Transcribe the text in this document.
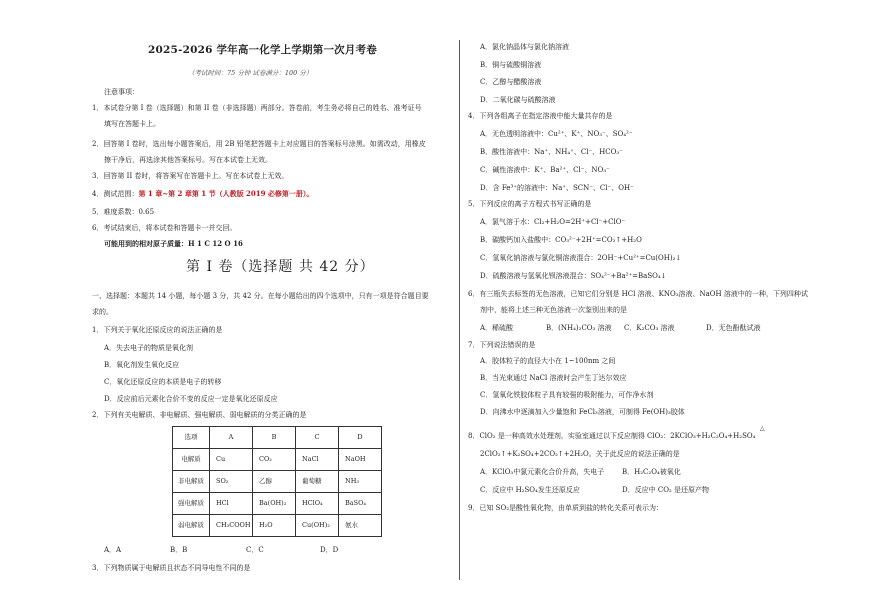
2025-2026 学年高一化学上学期第一次月考卷
（考试时间：75 分钟 试卷满分：100 分）
注意事项：
1．本试卷分第 I 卷（选择题）和第 II 卷（非选择题）两部分。答卷前，考生务必将自己的姓名、准考证号
填写在答题卡上。
2．回答第 I 卷时，选出每小题答案后，用 2B 铅笔把答题卡上对应题目的答案标号涂黑。如需改动，用橡皮
擦干净后，再选涂其他答案标号。写在本试卷上无效。
3．回答第 II 卷时，将答案写在答题卡上。写在本试卷上无效。
4．测试范围：第 1 章~第 2 章第 1 节（人教版 2019 必修第一册）。
5．难度系数：0.65
6．考试结束后，将本试卷和答题卡一并交回。
可能用到的相对原子质量：H 1 C 12 O 16
第 I 卷（选择题 共 42 分）
一、选择题：本题共 14 小题，每小题 3 分，共 42 分。在每小题给出的四个选项中，只有一项是符合题目要
求的。
1．下列关于氧化还原反应的说法正确的是
A．失去电子的物质是氧化剂
B．氧化剂发生氧化反应
C．氧化还原反应的本质是电子的转移
D．反应前后元素化合价不变的反应一定是氧化还原反应
2．下列有关电解质、非电解质、强电解质、弱电解质的分类正确的是
选项	A	B	C	D
电解质	Cu	CO₂	NaCl	NaOH
非电解质	SO₂	乙醇	葡萄糖	NH₃
强电解质	HCl	Ba(OH)₂	HClO₄	BaSO₄
弱电解质	CH₃COOH	H₂O	Cu(OH)₂	氨水
A．A	B．B	C．C	D．D
3．下列物质属于电解质且状态不同导电性不同的是
A．氯化钠晶体与氯化钠溶液
B．铜与硫酸铜溶液
C．乙醇与醋酸溶液
D．二氧化碳与硫酸溶液
4．下列各组离子在指定溶液中能大量共存的是
A．无色透明溶液中：Cu²⁺、K⁺、NO₃⁻、SO₄²⁻
B．酸性溶液中：Na⁺、NH₄⁺、Cl⁻、HCO₃⁻
C．碱性溶液中：K⁺、Ba²⁺、Cl⁻、NO₃⁻
D．含 Fe³⁺的溶液中：Na⁺、SCN⁻、Cl⁻、OH⁻
5．下列反应的离子方程式书写正确的是
A．氯气溶于水：Cl₂+H₂O=2H⁺+Cl⁻+ClO⁻
B．碳酸钙加入盐酸中：CO₃²⁻+2H⁺=CO₂↑+H₂O
C．氢氧化钠溶液与氯化铜溶液混合：2OH⁻+Cu²⁺=Cu(OH)₂↓
D．硫酸溶液与氢氧化钡溶液混合：SO₄²⁻+Ba²⁺=BaSO₄↓
6．有三瓶失去标签的无色溶液，已知它们分别是 HCl 溶液、KNO₃溶液、NaOH 溶液中的一种，下列四种试
剂中，能将上述三种无色溶液一次鉴别出来的是
A．稀硫酸	B．(NH₄)₂CO₃ 溶液 C．K₂CO₃ 溶液	D．无色酚酞试液
7．下列说法错误的是
A．胶体粒子的直径大小在 1~100nm 之间
B．当光束通过 NaCl 溶液时会产生丁达尔效应
C．氢氧化铁胶体粒子具有较强的吸附能力，可作净水剂
D．向沸水中逐滴加入少量饱和 FeCl₃溶液，可制得 Fe(OH)₃胶体
8．ClO₂ 是一种高效水处理剂，实验室通过以下反应制得 ClO₂：2KClO₃+H₂C₂O₄+H₂SO₄
△
2ClO₂↑+K₂SO₄+2CO₂↑+2H₂O。关于此反应的说法正确的是
A．KClO₃中氯元素化合价升高，失电子	B．H₂C₂O₄被氧化
C．反应中 H₂SO₄发生还原反应	D．反应中 CO₂ 是还原产物
9．已知 SO₂是酸性氧化物，由单质到盐的转化关系可表示为：
